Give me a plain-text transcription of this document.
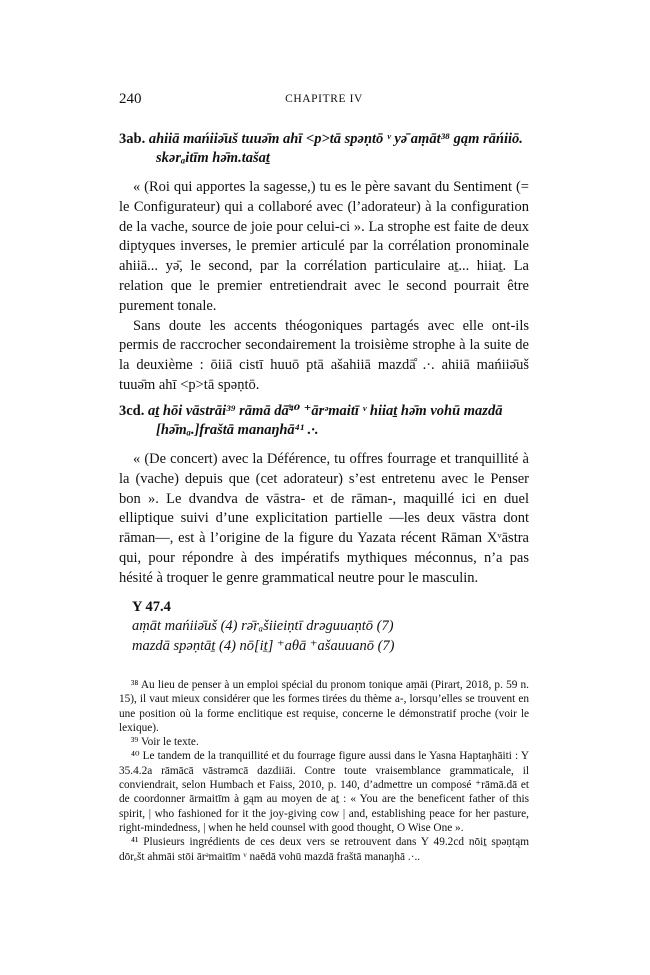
240	CHAPITRE IV
3ab. ahiiā mańiiə̄uš tuuə̄m ahī <p>tā spəṇtō ᵛ yə̄ aṃāt³⁸ gąm rāńiiō.
skərₐitīm hə̄m.tašaṯ

« (Roi qui apportes la sagesse,) tu es le père savant du Sentiment (= le Configurateur) qui a collaboré avec (l’adorateur) à la configuration de la vache, source de joie pour celui-ci ». La strophe est faite de deux diptyques inverses, le premier articulé par la corrélation pronominale ahiiā... yə̄, le second, par la corrélation particulaire aṯ... hiiaṯ. La relation que le premier entretiendrait avec le second pourrait être purement tonale.

Sans doute les accents théogoniques partagés avec elle ont-ils permis de raccrocher secondairement la troisième strophe à la suite de la deuxième : ōiiā cistī huuō ptā ašahiiā mazdā̊ .·. ahiiā mańiiə̄uš tuuə̄m ahī <p>tā spəṇtō.

3cd. aṯ hōi vāstrāi³⁹ rāmā dā̊⁴⁰ ⁺ārᵊmaitī ᵛ hiiaṯ hə̄m vohū mazdā
[hə̄mₐ.]fraštā manaŋhā⁴¹ .·.

« (De concert) avec la Déférence, tu offres fourrage et tranquillité à la (vache) depuis que (cet adorateur) s’est entretenu avec le Penser bon ». Le dvandva de vāstra- et de rāman-, maquillé ici en duel elliptique suivi d’une explicitation partielle —les deux vāstra dont rāman—, est à l’origine de la figure du Yazata récent Rāman Xᵛāstra qui, pour répondre à des impératifs mythiques méconnus, n’a pas hésité à troquer le genre grammatical neutre pour le masculin.

Y 47.4
aṃāt mańiiə̄uš (4) rə̄rₐšiieiṇtī drəguuaṇtō (7)
mazdā spəṇtāṯ (4) nō[iṯ] ⁺aθā ⁺ašauuanō (7)

³⁸ Au lieu de penser à un emploi spécial du pronom tonique aṃāi (Pirart, 2018, p. 59 n. 15), il vaut mieux considérer que les formes tirées du thème a-, lorsqu’elles se trouvent en une position où la forme enclitique est requise, concerne le démonstratif proche (voir le lexique).

³⁹ Voir le texte.

⁴⁰ Le tandem de la tranquillité et du fourrage figure aussi dans le Yasna Haptaŋhāiti : Y 35.4.2a rāmācā vāstrəmcā dazdiiāi. Contre toute vraisemblance grammaticale, il conviendrait, selon Humbach et Faiss, 2010, p. 140, d’admettre un composé ⁺rāmā.dā et de coordonner ārmaitīm à gąm au moyen de aṯ : « You are the beneficent father of this spirit, | who fashioned for it the joy-giving cow | and, establishing peace for her pasture, right-mindedness, | when he held counsel with good thought, O Wise One ».

⁴¹ Plusieurs ingrédients de ces deux vers se retrouvent dans Y 49.2cd nōiṯ spəṇtąm dōrₑšt ahmāi stōi ārᵊmaitīm ᵛ naēdā vohū mazdā fraštā manaŋhā .·..
